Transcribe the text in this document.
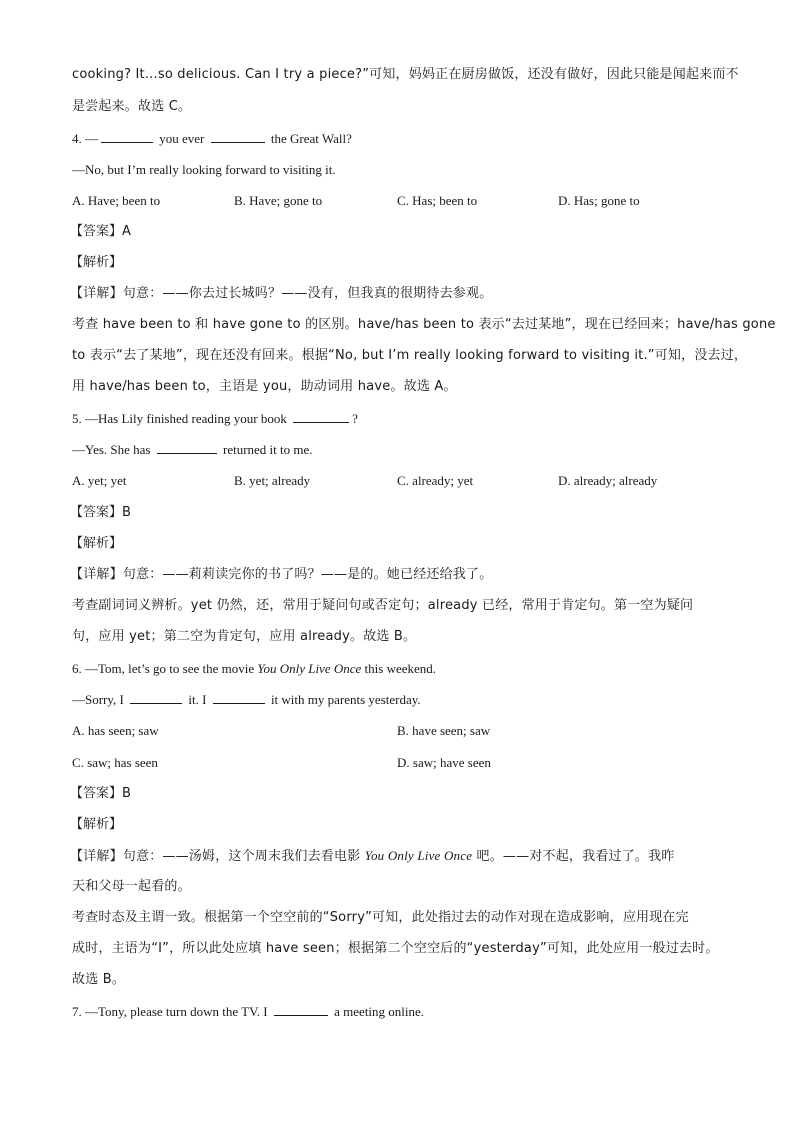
cooking? It...so delicious. Can I try a piece?”可知，妈妈正在厨房做饭，还没有做好，因此只能是闻起来而不
是尝起来。故选 C。
4. —	you ever	the Great Wall?
—No, but I’m really looking forward to visiting it.
A. Have; been to	B. Have; gone to	C. Has; been to	D. Has; gone to
【答案】A
【解析】
【详解】句意：——你去过长城吗？——没有，但我真的很期待去参观。
考查 have been to 和 have gone to 的区别。have/has been to 表示“去过某地”，现在已经回来；have/has gone
to 表示“去了某地”，现在还没有回来。根据“No, but I’m really looking forward to visiting it.”可知，没去过，
用 have/has been to，主语是 you，助动词用 have。故选 A。
5. —Has Lily finished reading your book	?
—Yes. She has	returned it to me.
A. yet; yet	B. yet; already	C. already; yet	D. already; already
【答案】B
【解析】
【详解】句意：——莉莉读完你的书了吗？——是的。她已经还给我了。
考查副词词义辨析。yet 仍然，还，常用于疑问句或否定句；already 已经，常用于肯定句。第一空为疑问
句，应用 yet；第二空为肯定句，应用 already。故选 B。
6. —Tom, let’s go to see the movie You Only Live Once this weekend.
—Sorry, I	it. I	it with my parents yesterday.
A. has seen; saw	B. have seen; saw
C. saw; has seen	D. saw; have seen
【答案】B
【解析】
【详解】句意：——汤姆，这个周末我们去看电影 You Only Live Once 吧。——对不起，我看过了。我昨
天和父母一起看的。
考查时态及主谓一致。根据第一个空空前的“Sorry”可知，此处指过去的动作对现在造成影响，应用现在完
成时，主语为“I”，所以此处应填 have seen；根据第二个空空后的“yesterday”可知，此处应用一般过去时。
故选 B。
7. —Tony, please turn down the TV. I	a meeting online.
